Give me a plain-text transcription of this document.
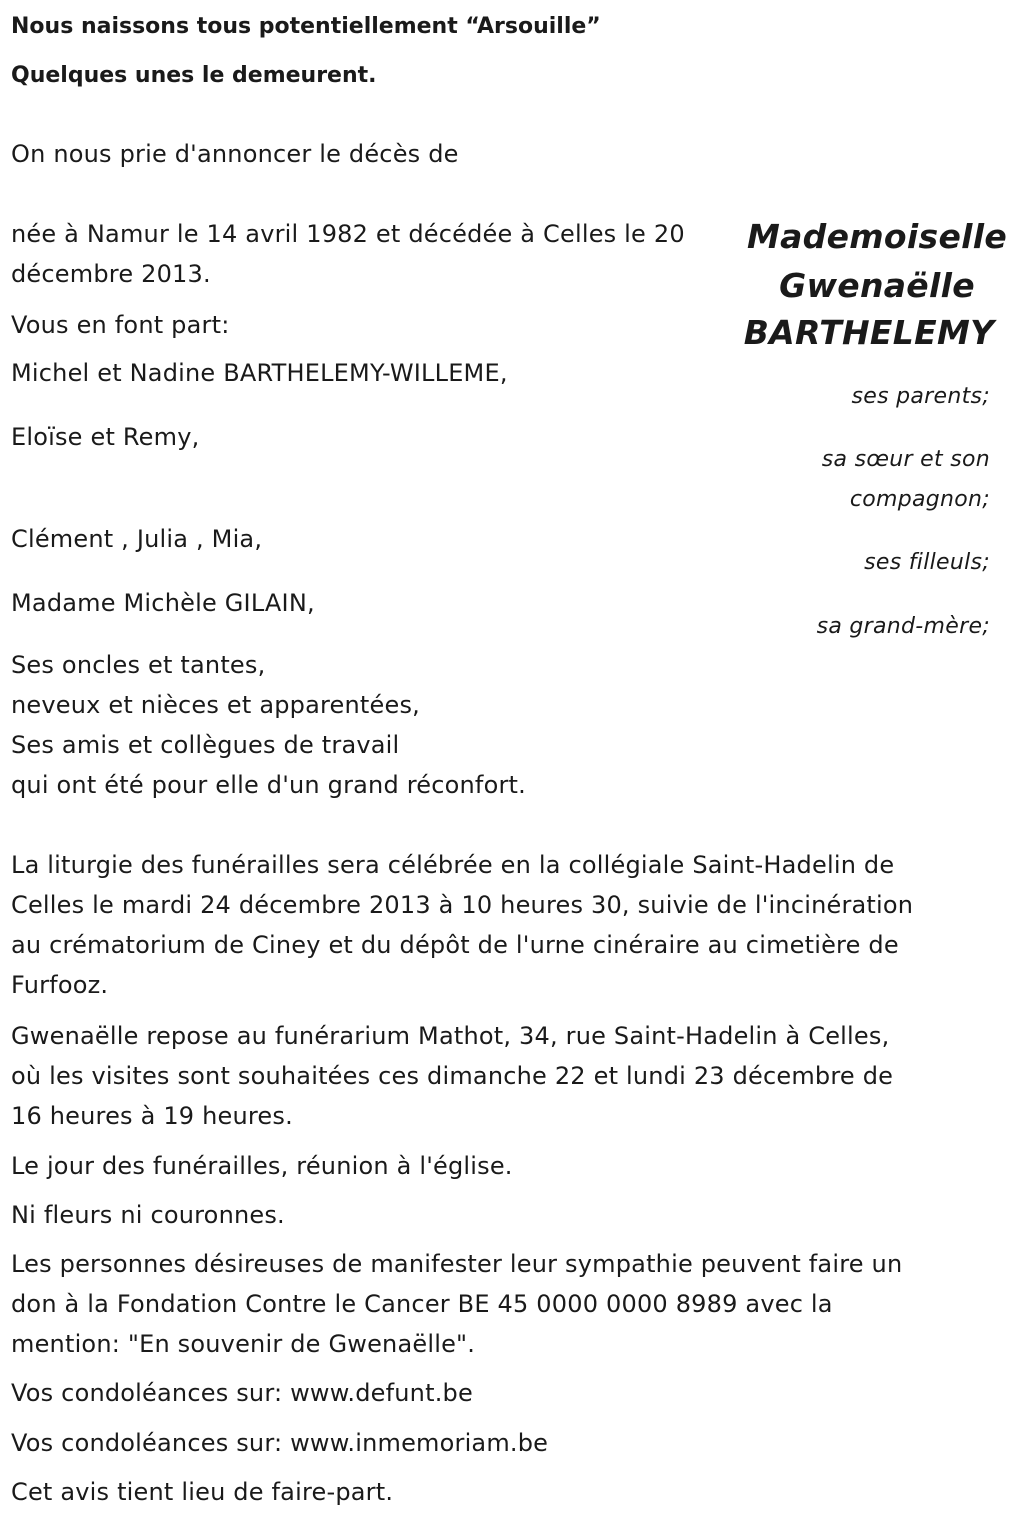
Nous naissons tous potentiellement “Arsouille”
Quelques unes le demeurent.
On nous prie d'annoncer le décès de
Mademoiselle
Gwenaëlle
BARTHELEMY
née à Namur le 14 avril 1982 et décédée à Celles le 20
décembre 2013.
Vous en font part:
Michel et Nadine BARTHELEMY-WILLEME,
ses parents;
Eloïse et Remy,
sa sœur et son
compagnon;
Clément , Julia , Mia,
ses filleuls;
Madame Michèle GILAIN,
sa grand-mère;
Ses oncles et tantes,
neveux et nièces et apparentées,
Ses amis et collègues de travail
qui ont été pour elle d'un grand réconfort.
La liturgie des funérailles sera célébrée en la collégiale Saint-Hadelin de
Celles le mardi 24 décembre 2013 à 10 heures 30, suivie de l'incinération
au crématorium de Ciney et du dépôt de l'urne cinéraire au cimetière de
Furfooz.
Gwenaëlle repose au funérarium Mathot, 34, rue Saint-Hadelin à Celles,
où les visites sont souhaitées ces dimanche 22 et lundi 23 décembre de
16 heures à 19 heures.
Le jour des funérailles, réunion à l'église.
Ni fleurs ni couronnes.
Les personnes désireuses de manifester leur sympathie peuvent faire un
don à la Fondation Contre le Cancer BE 45 0000 0000 8989 avec la
mention: "En souvenir de Gwenaëlle".
Vos condoléances sur: www.defunt.be
Vos condoléances sur: www.inmemoriam.be
Cet avis tient lieu de faire-part.
